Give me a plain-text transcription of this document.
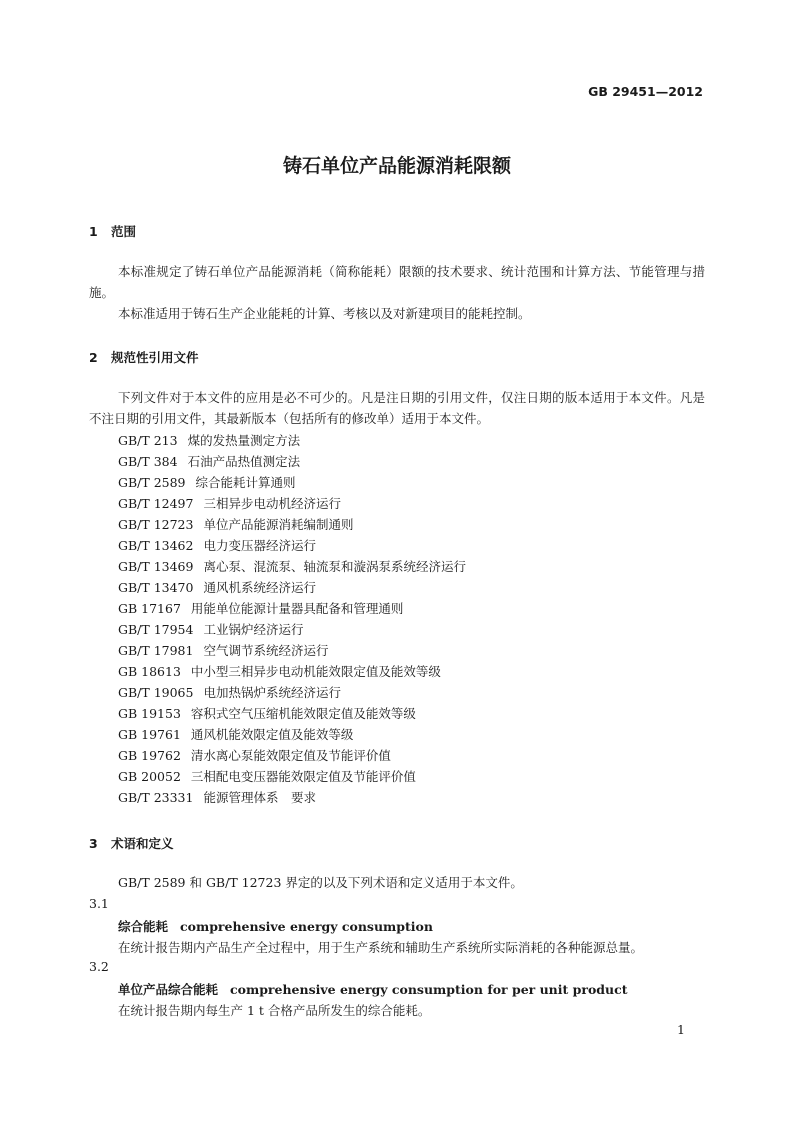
GB 29451—2012
铸石单位产品能源消耗限额
1 范围
本标准规定了铸石单位产品能源消耗（简称能耗）限额的技术要求、统计范围和计算方法、节能管理与措施。
本标准适用于铸石生产企业能耗的计算、考核以及对新建项目的能耗控制。
2 规范性引用文件
下列文件对于本文件的应用是必不可少的。凡是注日期的引用文件，仅注日期的版本适用于本文件。凡是不注日期的引用文件，其最新版本（包括所有的修改单）适用于本文件。
GB/T 213 煤的发热量测定方法
GB/T 384 石油产品热值测定法
GB/T 2589 综合能耗计算通则
GB/T 12497 三相异步电动机经济运行
GB/T 12723 单位产品能源消耗编制通则
GB/T 13462 电力变压器经济运行
GB/T 13469 离心泵、混流泵、轴流泵和漩涡泵系统经济运行
GB/T 13470 通风机系统经济运行
GB 17167 用能单位能源计量器具配备和管理通则
GB/T 17954 工业锅炉经济运行
GB/T 17981 空气调节系统经济运行
GB 18613 中小型三相异步电动机能效限定值及能效等级
GB/T 19065 电加热锅炉系统经济运行
GB 19153 容积式空气压缩机能效限定值及能效等级
GB 19761 通风机能效限定值及能效等级
GB 19762 清水离心泵能效限定值及节能评价值
GB 20052 三相配电变压器能效限定值及节能评价值
GB/T 23331 能源管理体系　要求
3 术语和定义
GB/T 2589 和 GB/T 12723 界定的以及下列术语和定义适用于本文件。
3.1
综合能耗 comprehensive energy consumption
在统计报告期内产品生产全过程中，用于生产系统和辅助生产系统所实际消耗的各种能源总量。
3.2
单位产品综合能耗 comprehensive energy consumption for per unit product
在统计报告期内每生产 1 t 合格产品所发生的综合能耗。
1
